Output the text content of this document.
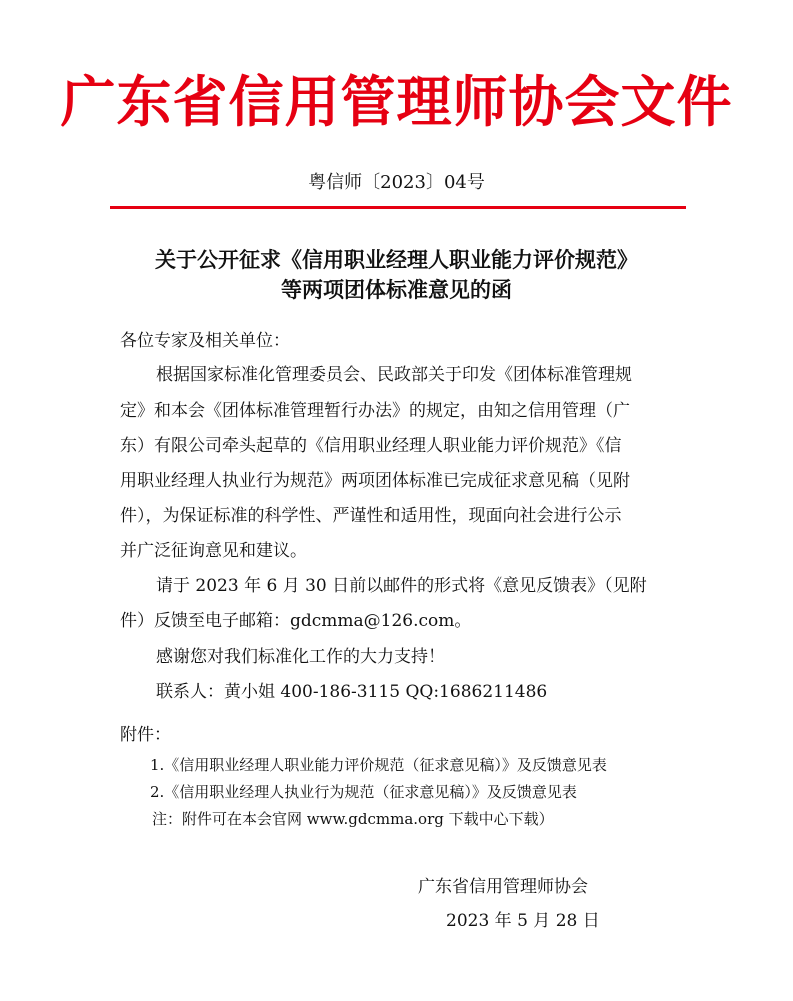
广东省信用管理师协会文件
粤信师〔2023〕04号
关于公开征求《信用职业经理人职业能力评价规范》
等两项团体标准意见的函
各位专家及相关单位：
根据国家标准化管理委员会、民政部关于印发《团体标准管理规
定》和本会《团体标准管理暂行办法》的规定，由知之信用管理（广
东）有限公司牵头起草的《信用职业经理人职业能力评价规范》《信
用职业经理人执业行为规范》两项团体标准已完成征求意见稿（见附
件），为保证标准的科学性、严谨性和适用性，现面向社会进行公示
并广泛征询意见和建议。
请于 2023 年 6 月 30 日前以邮件的形式将《意见反馈表》（见附
件）反馈至电子邮箱：gdcmma@126.com。
感谢您对我们标准化工作的大力支持！
联系人：黄小姐 400-186-3115 QQ:1686211486
附件：
1.《信用职业经理人职业能力评价规范（征求意见稿）》及反馈意见表
2.《信用职业经理人执业行为规范（征求意见稿）》及反馈意见表
注：附件可在本会官网 www.gdcmma.org 下载中心下载）
广东省信用管理师协会
2023 年 5 月 28 日
